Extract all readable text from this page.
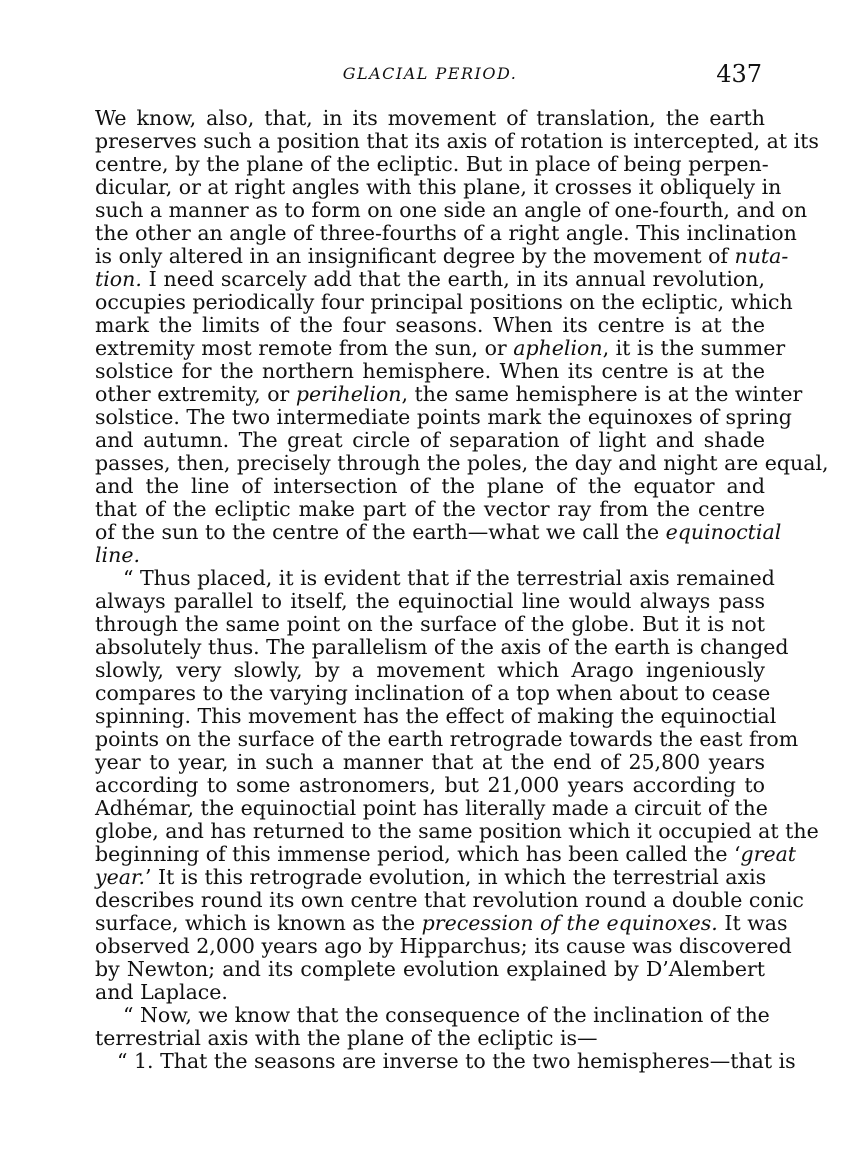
GLACIAL PERIOD.	437
We know, also, that, in its movement of translation, the earth
preserves such a position that its axis of rotation is intercepted, at its
centre, by the plane of the ecliptic. But in place of being perpen-
dicular, or at right angles with this plane, it crosses it obliquely in
such a manner as to form on one side an angle of one-fourth, and on
the other an angle of three-fourths of a right angle. This inclination
is only altered in an insignificant degree by the movement of nuta-
tion. I need scarcely add that the earth, in its annual revolution,
occupies periodically four principal positions on the ecliptic, which
mark the limits of the four seasons. When its centre is at the
extremity most remote from the sun, or aphelion, it is the summer
solstice for the northern hemisphere. When its centre is at the
other extremity, or perihelion, the same hemisphere is at the winter
solstice. The two intermediate points mark the equinoxes of spring
and autumn. The great circle of separation of light and shade
passes, then, precisely through the poles, the day and night are equal,
and the line of intersection of the plane of the equator and
that of the ecliptic make part of the vector ray from the centre
of the sun to the centre of the earth—what we call the equinoctial
line.
“ Thus placed, it is evident that if the terrestrial axis remained
always parallel to itself, the equinoctial line would always pass
through the same point on the surface of the globe. But it is not
absolutely thus. The parallelism of the axis of the earth is changed
slowly, very slowly, by a movement which Arago ingeniously
compares to the varying inclination of a top when about to cease
spinning. This movement has the effect of making the equinoctial
points on the surface of the earth retrograde towards the east from
year to year, in such a manner that at the end of 25,800 years
according to some astronomers, but 21,000 years according to
Adhémar, the equinoctial point has literally made a circuit of the
globe, and has returned to the same position which it occupied at the
beginning of this immense period, which has been called the ‘great
year.’ It is this retrograde evolution, in which the terrestrial axis
describes round its own centre that revolution round a double conic
surface, which is known as the precession of the equinoxes. It was
observed 2,000 years ago by Hipparchus; its cause was discovered
by Newton; and its complete evolution explained by D’Alembert
and Laplace.
“ Now, we know that the consequence of the inclination of the
terrestrial axis with the plane of the ecliptic is—
“ 1. That the seasons are inverse to the two hemispheres—that is
